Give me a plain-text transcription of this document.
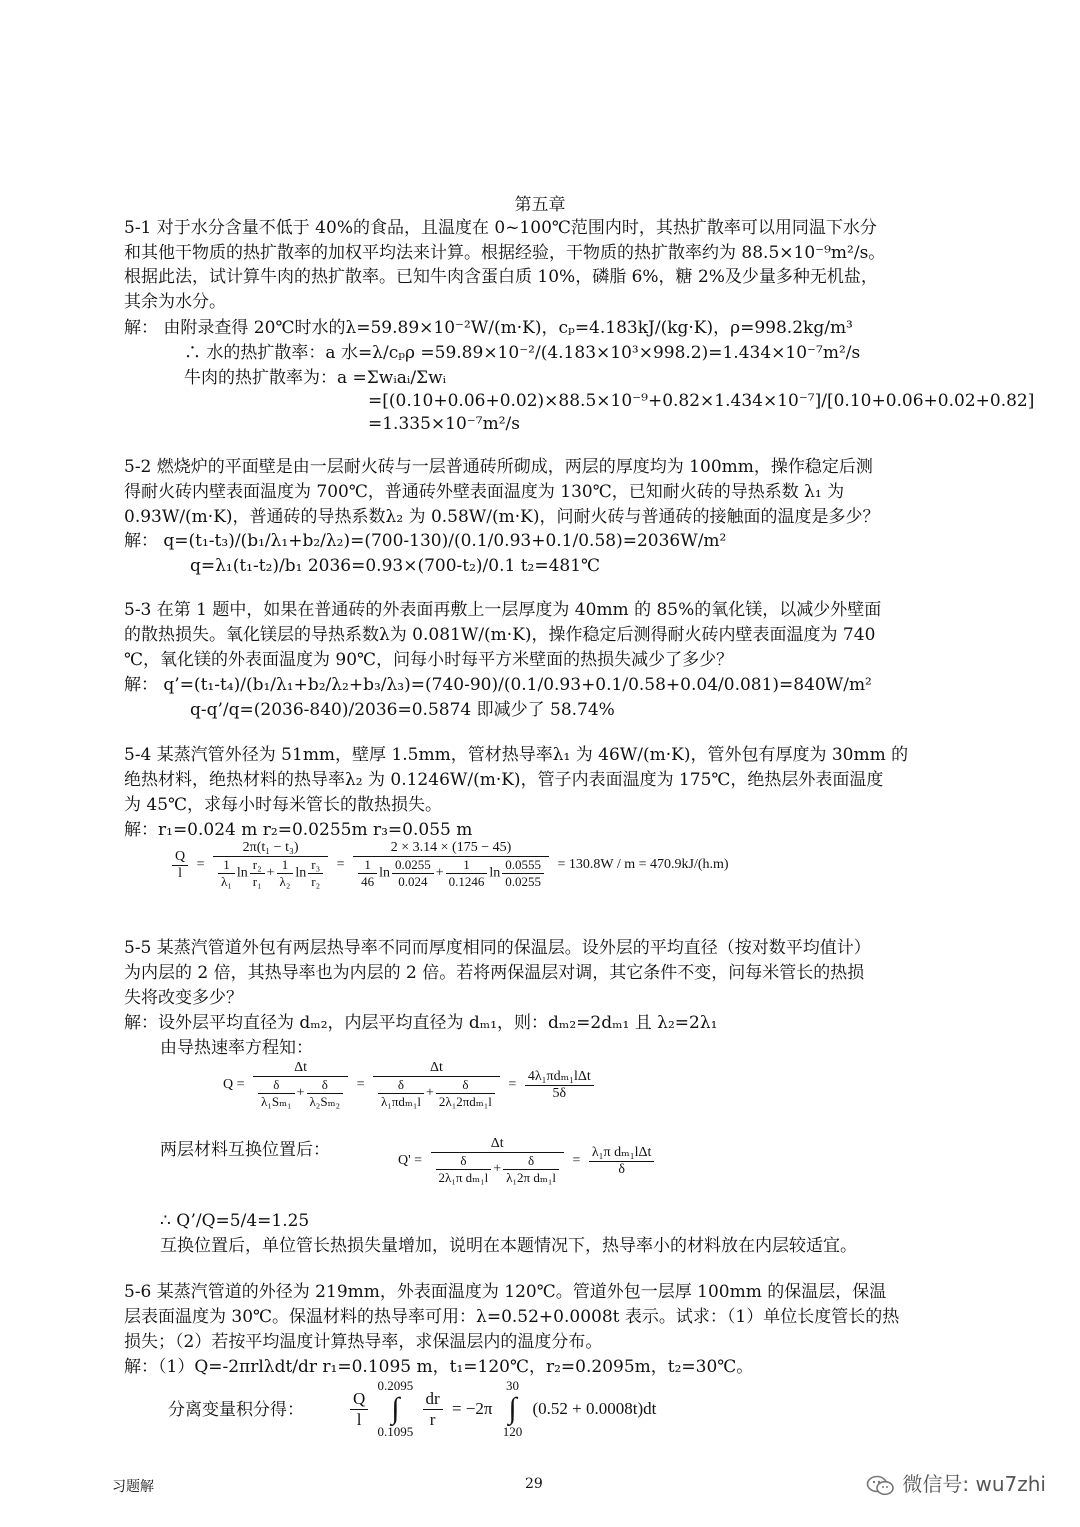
第五章
5-1 对于水分含量不低于 40%的食品，且温度在 0~100℃范围内时，其热扩散率可以用同温下水分
和其他干物质的热扩散率的加权平均法来计算。根据经验，干物质的热扩散率约为 88.5×10⁻⁹m²/s。
根据此法，试计算牛肉的热扩散率。已知牛肉含蛋白质 10%，磷脂 6%，糖 2%及少量多种无机盐，
其余为水分。
解： 由附录查得 20℃时水的λ=59.89×10⁻²W/(m·K)，cₚ=4.183kJ/(kg·K)，ρ=998.2kg/m³
∴ 水的热扩散率：a 水=λ/cₚρ =59.89×10⁻²/(4.183×10³×998.2)=1.434×10⁻⁷m²/s
牛肉的热扩散率为：a =Σwᵢaᵢ/Σwᵢ
=[(0.10+0.06+0.02)×88.5×10⁻⁹+0.82×1.434×10⁻⁷]/[0.10+0.06+0.02+0.82]
=1.335×10⁻⁷m²/s
5-2 燃烧炉的平面壁是由一层耐火砖与一层普通砖所砌成，两层的厚度均为 100mm，操作稳定后测
得耐火砖内壁表面温度为 700℃，普通砖外壁表面温度为 130℃，已知耐火砖的导热系数 λ₁ 为
0.93W/(m·K)，普通砖的导热系数λ₂ 为 0.58W/(m·K)，问耐火砖与普通砖的接触面的温度是多少？
解： q=(t₁-t₃)/(b₁/λ₁+b₂/λ₂)=(700-130)/(0.1/0.93+0.1/0.58)=2036W/m²
q=λ₁(t₁-t₂)/b₁ 2036=0.93×(700-t₂)/0.1 t₂=481℃
5-3 在第 1 题中，如果在普通砖的外表面再敷上一层厚度为 40mm 的 85%的氧化镁，以减少外壁面
的散热损失。氧化镁层的导热系数λ为 0.081W/(m·K)，操作稳定后测得耐火砖内壁表面温度为 740
℃，氧化镁的外表面温度为 90℃，问每小时每平方米壁面的热损失减少了多少？
解： q’=(t₁-t₄)/(b₁/λ₁+b₂/λ₂+b₃/λ₃)=(740-90)/(0.1/0.93+0.1/0.58+0.04/0.081)=840W/m²
q-q’/q=(2036-840)/2036=0.5874 即减少了 58.74%
5-4 某蒸汽管外径为 51mm，壁厚 1.5mm，管材热导率λ₁ 为 46W/(m·K)，管外包有厚度为 30mm 的
绝热材料，绝热材料的热导率λ₂ 为 0.1246W/(m·K)，管子内表面温度为 175℃，绝热层外表面温度
为 45℃，求每小时每米管长的散热损失。
解：r₁=0.024 m r₂=0.0255m r₃=0.055 m
$\frac{Q}{l} = \frac{\text{2π(t₁ − t₃)}}{\frac{1}{\text{λ₁}} \ln \frac{\text{r₂}}{\text{r₁}} + \frac{1}{\text{λ₂}} \ln \frac{\text{r₃}}{\text{r₂}}} = \frac{2 \times 3.14 \times (175 - 45)}{\frac{1}{46} \ln \frac{0.0255}{0.024} + \frac{1}{0.1246} \ln \frac{0.0555}{0.0255}} = 130.8W / m = 470.9kJ/(h.m)$
5-5 某蒸汽管道外包有两层热导率不同而厚度相同的保温层。设外层的平均直径（按对数平均值计）
为内层的 2 倍，其热导率也为内层的 2 倍。若将两保温层对调，其它条件不变，问每米管长的热损
失将改变多少？
解：设外层平均直径为 dₘ₂，内层平均直径为 dₘ₁，则：dₘ₂=2dₘ₁ 且 λ₂=2λ₁
由导热速率方程知：
$Q = \frac{\Delta t}{\frac{\delta}{\text{λ₁Sₘ₁}} + \frac{\delta}{\text{λ₂Sₘ₂}}} = \frac{\Delta t}{\frac{\delta}{\text{λ₁πdₘ₁l}} + \frac{\delta}{\text{2λ₁2πdₘ₁l}}} = \frac{\text{4λ₁πdₘ₁lΔt}}{5\delta}$
两层材料互换位置后：
$Q' = \frac{\Delta t}{\frac{\delta}{\text{2λ₁π dₘ₁l}} + \frac{\delta}{\text{λ₁2π dₘ₁l}}} = \frac{\text{λ₁π dₘ₁lΔt}}{\delta}$
∴ Q’/Q=5/4=1.25
互换位置后，单位管长热损失量增加，说明在本题情况下，热导率小的材料放在内层较适宜。
5-6 某蒸汽管道的外径为 219mm，外表面温度为 120℃。管道外包一层厚 100mm 的保温层，保温
层表面温度为 30℃。保温材料的热导率可用：λ=0.52+0.0008t 表示。试求：（1）单位长度管长的热
损失；（2）若按平均温度计算热导率，求保温层内的温度分布。
解：（1）Q=-2πrlλdt/dr r₁=0.1095 m，t₁=120℃，r₂=0.2095m，t₂=30℃。
分离变量积分得：	$\frac{Q}{l}$

0.2095
∫
0.1095

$\frac{dr}{r} = -2\pi$
30
∫
120
(0.52 + 0.0008t)dt
习题解	29	微信号: wu7zhi
